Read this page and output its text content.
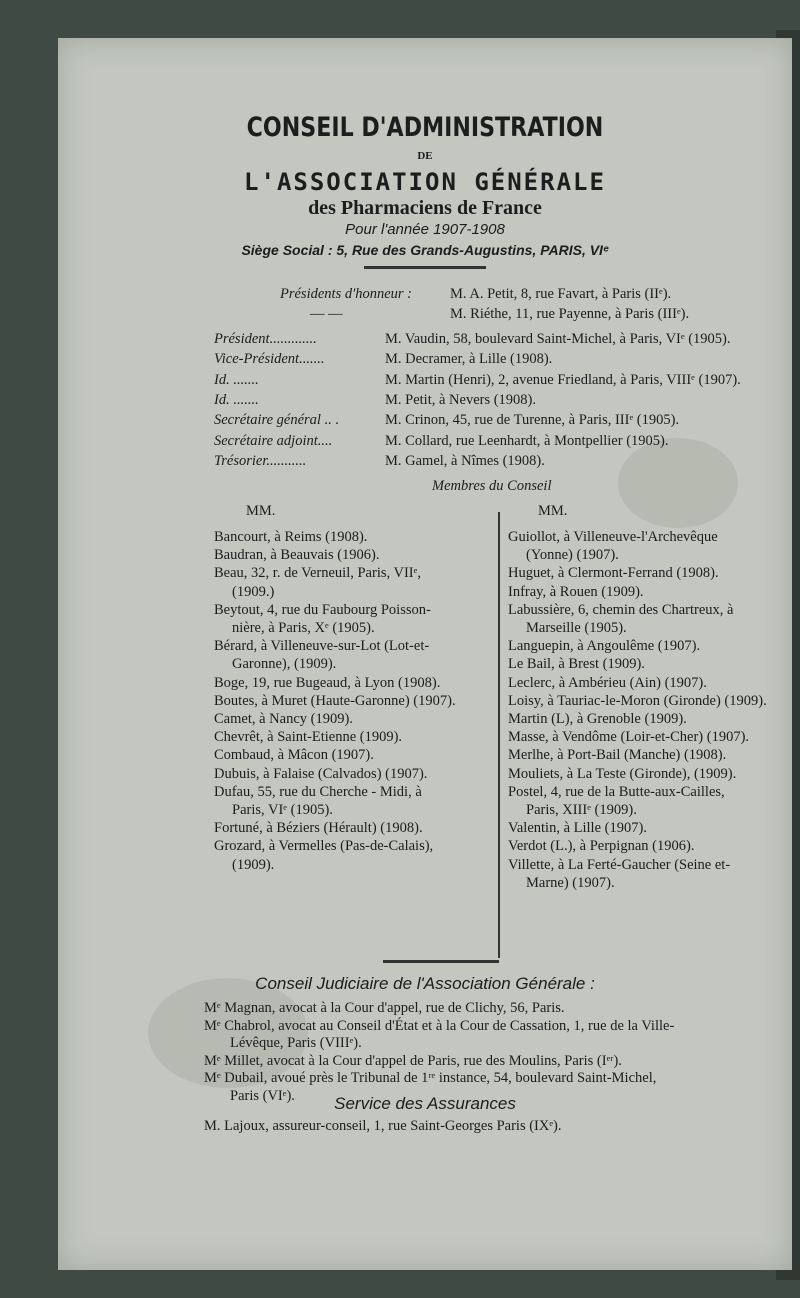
CONSEIL D'ADMINISTRATION
DE
L'ASSOCIATION GÉNÉRALE
des Pharmaciens de France
Pour l'année 1907-1908
Siège Social : 5, Rue des Grands-Augustins, PARIS, VIᵉ
Présidents d'honneur :	M. A. Petit, 8, rue Favart, à Paris (IIᵉ).
— —	M. Riéthe, 11, rue Payenne, à Paris (IIIᵉ).
Président.............	M. Vaudin, 58, boulevard Saint-Michel, à Paris, VIᵉ (1905).
Vice-Président.......	M. Decramer, à Lille (1908).
Id. .......	M. Martin (Henri), 2, avenue Friedland, à Paris, VIIIᵉ (1907).
Id. .......	M. Petit, à Nevers (1908).
Secrétaire général .. .	M. Crinon, 45, rue de Turenne, à Paris, IIIᵉ (1905).
Secrétaire adjoint....	M. Collard, rue Leenhardt, à Montpellier (1905).
Trésorier...........	M. Gamel, à Nîmes (1908).
Membres du Conseil
MM.	MM.
Bancourt, à Reims (1908).
Baudran, à Beauvais (1906).
Beau, 32, r. de Verneuil, Paris, VIIᵉ,
(1909.)
Beytout, 4, rue du Faubourg Poisson-
nière, à Paris, Xᵉ (1905).
Bérard, à Villeneuve-sur-Lot (Lot-et-
Garonne), (1909).
Boge, 19, rue Bugeaud, à Lyon (1908).
Boutes, à Muret (Haute-Garonne) (1907).
Camet, à Nancy (1909).
Chevrêt, à Saint-Etienne (1909).
Combaud, à Mâcon (1907).
Dubuis, à Falaise (Calvados) (1907).
Dufau, 55, rue du Cherche - Midi, à
Paris, VIᵉ (1905).
Fortuné, à Béziers (Hérault) (1908).
Grozard, à Vermelles (Pas-de-Calais),
(1909).
Guiollot, à Villeneuve-l'Archevêque
(Yonne) (1907).
Huguet, à Clermont-Ferrand (1908).
Infray, à Rouen (1909).
Labussière, 6, chemin des Chartreux, à
Marseille (1905).
Languepin, à Angoulême (1907).
Le Bail, à Brest (1909).
Leclerc, à Ambérieu (Ain) (1907).
Loisy, à Tauriac-le-Moron (Gironde) (1909).
Martin (L), à Grenoble (1909).
Masse, à Vendôme (Loir-et-Cher) (1907).
Merlhe, à Port-Bail (Manche) (1908).
Mouliets, à La Teste (Gironde), (1909).
Postel, 4, rue de la Butte-aux-Cailles,
Paris, XIIIᵉ (1909).
Valentin, à Lille (1907).
Verdot (L.), à Perpignan (1906).
Villette, à La Ferté-Gaucher (Seine et-
Marne) (1907).
Conseil Judiciaire de l'Association Générale :
Mᵉ Magnan, avocat à la Cour d'appel, rue de Clichy, 56, Paris.
Mᵉ Chabrol, avocat au Conseil d'État et à la Cour de Cassation, 1, rue de la Ville-
Lévêque, Paris (VIIIᵉ).
Mᵉ Millet, avocat à la Cour d'appel de Paris, rue des Moulins, Paris (Iᵉʳ).
Mᵉ Dubail, avoué près le Tribunal de 1ʳᵉ instance, 54, boulevard Saint-Michel,
Paris (VIᵉ).	Service des Assurances
M. Lajoux, assureur-conseil, 1, rue Saint-Georges Paris (IXᵉ).
